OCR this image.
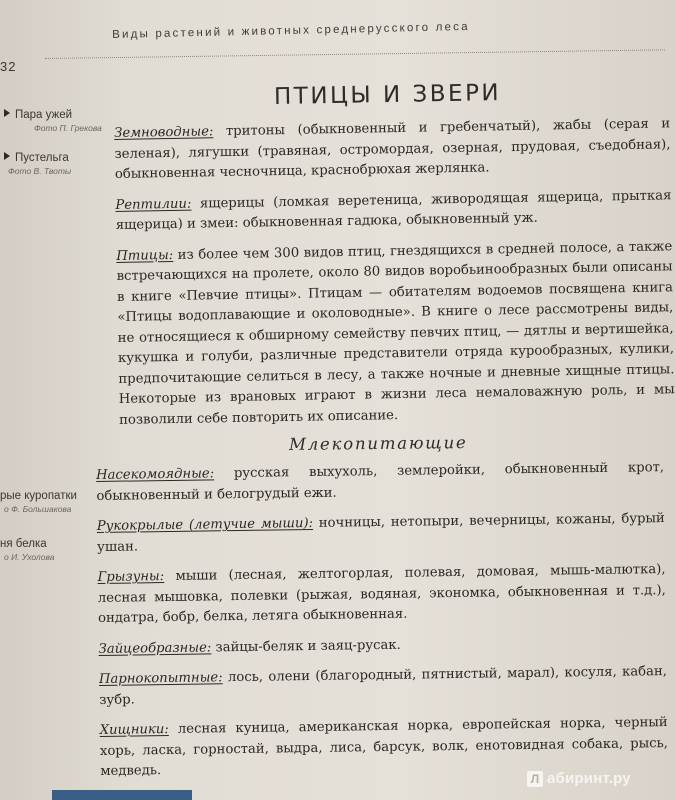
32
Виды растений и животных среднерусского леса
Пара ужей
Фото П. Грекова
Пустельга
Фото В. Твоты
рые куропатки
о Ф. Большакова
ня белка
о И. Ухолова
ПТИЦЫ И ЗВЕРИ

Земноводные: тритоны (обыкновенный и гребенчатый), жабы (серая и зеленая), лягушки (травяная, остромордая, озерная, прудовая, съедобная), обыкновенная чесночница, краснобрюхая жерлянка.

Рептилии: ящерицы (ломкая веретеница, живородящая ящерица, прыткая ящерица) и змеи: обыкновенная гадюка, обыкновенный уж.

Птицы: из более чем 300 видов птиц, гнездящихся в средней полосе, а также встречающихся на пролете, около 80 видов воробьинообразных были описаны в книге «Певчие птицы». Птицам — обитателям водоемов посвящена книга «Птицы водоплавающие и околоводные». В книге о лесе рассмотрены виды, не относящиеся к обширному семейству певчих птиц, — дятлы и вертишейка, кукушка и голуби, различные представители отряда курообразных, кулики, предпочитающие селиться в лесу, а также ночные и дневные хищные птицы. Некоторые из врановых играют в жизни леса немаловажную роль, и мы позволили себе повторить их описание.

Млекопитающие

Насекомоядные: русская выхухоль, землеройки, обыкновенный крот, обыкновенный и белогрудый ежи.

Рукокрылые (летучие мыши): ночницы, нетопыри, вечерницы, кожаны, бурый ушан.

Грызуны: мыши (лесная, желтогорлая, полевая, домовая, мышь-малютка), лесная мышовка, полевки (рыжая, водяная, экономка, обыкновенная и т.д.), ондатра, бобр, белка, летяга обыкновенная.

Зайцеобразные: зайцы-беляк и заяц-русак.

Парнокопытные: лось, олени (благородный, пятнистый, марал), косуля, кабан, зубр.

Хищники: лесная куница, американская норка, европейская норка, черный хорь, ласка, горностай, выдра, лиса, барсук, волк, енотовидная собака, рысь, медведь.

Л абиринт.ру
